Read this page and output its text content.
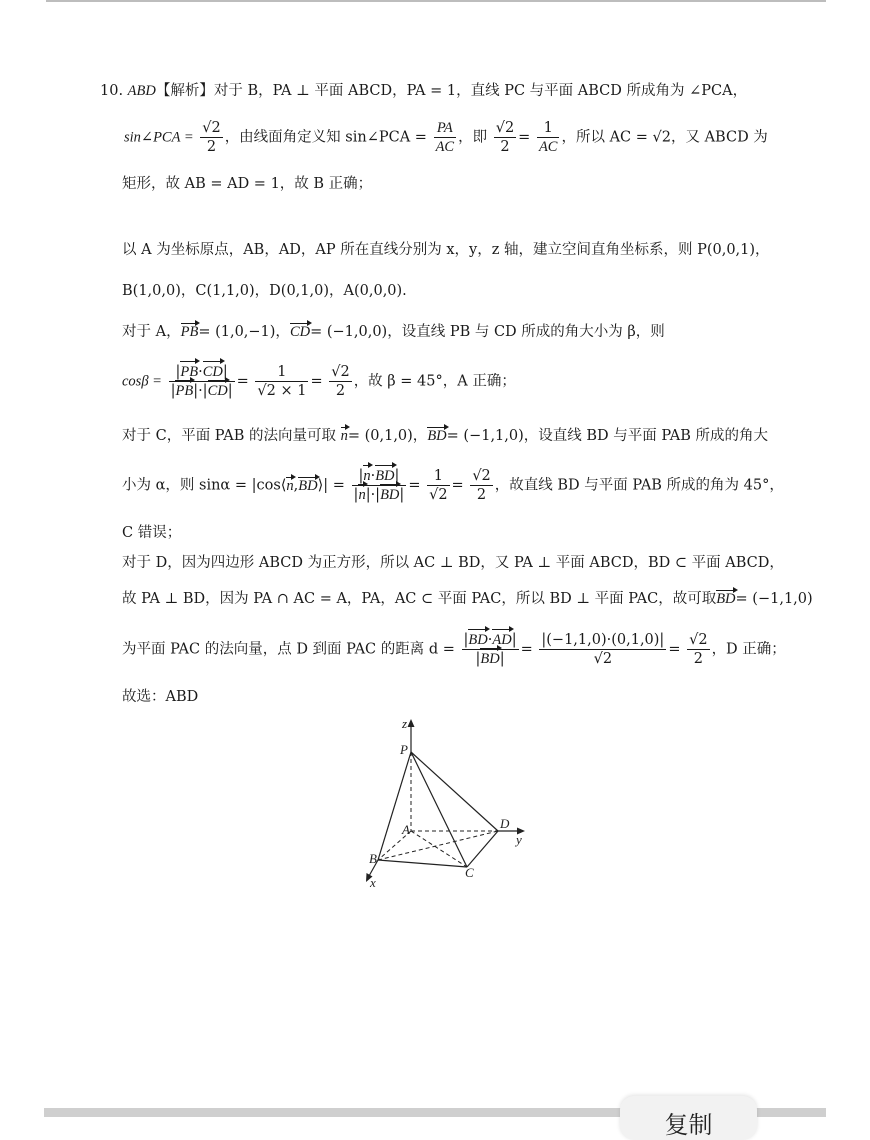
10. ABD【解析】对于 B，PA ⊥ 平面 ABCD，PA = 1，直线 PC 与平面 ABCD 所成角为 ∠PCA，
sin∠PCA = $\frac{√2}{2}$ ，由线面角定义知 sin∠PCA = $\frac{PA}{AC}$ ，即 $\frac{√2}{2} = \frac{1}{AC}$ ，所以 AC = √2，又 ABCD 为
矩形，故 AB = AD = 1，故 B 正确；
以 A 为坐标原点，AB，AD，AP 所在直线分别为 x，y，z 轴，建立空间直角坐标系，则 P(0,0,1)，
B(1,0,0)，C(1,1,0)，D(0,1,0)，A(0,0,0).
对于 A，PB= (1,0,−1)，CD= (−1,0,0)，设直线 PB 与 CD 所成的角大小为 β，则
$\cos\beta = \frac{|PB\cdot CD|}{|PB|\cdot|CD|} = \frac{1}{√2 \times 1} = \frac{√2}{2}$ ，故 β = 45°，A 正确；
对于 C，平面 PAB 的法向量可取 n= (0,1,0)，BD= (−1,1,0)，设直线 BD 与平面 PAB 所成的角大
小为 α，则 sinα = |cos⟨n,BD⟩| = $\frac{|n\cdot BD|}{|n|\cdot|BD|} = \frac{1}{√2} = \frac{√2}{2}$ ，故直线 BD 与平面 PAB 所成的角为 45°，
C 错误；
对于 D，因为四边形 ABCD 为正方形，所以 AC ⊥ BD，又 PA ⊥ 平面 ABCD，BD ⊂ 平面 ABCD，
故 PA ⊥ BD，因为 PA ∩ AC = A，PA，AC ⊂ 平面 PAC，所以 BD ⊥ 平面 PAC，故可取BD= (−1,1,0)
为平面 PAC 的法向量，点 D 到面 PAC 的距离 $d = \frac{|BD\cdot AD|}{|BD|} = \frac{|(-1,1,0)\cdot(0,1,0)|}{√2} = \frac{√2}{2}$ ，D 正确；
故选：ABD
z
P
A	D
y
B
C
x
复制
